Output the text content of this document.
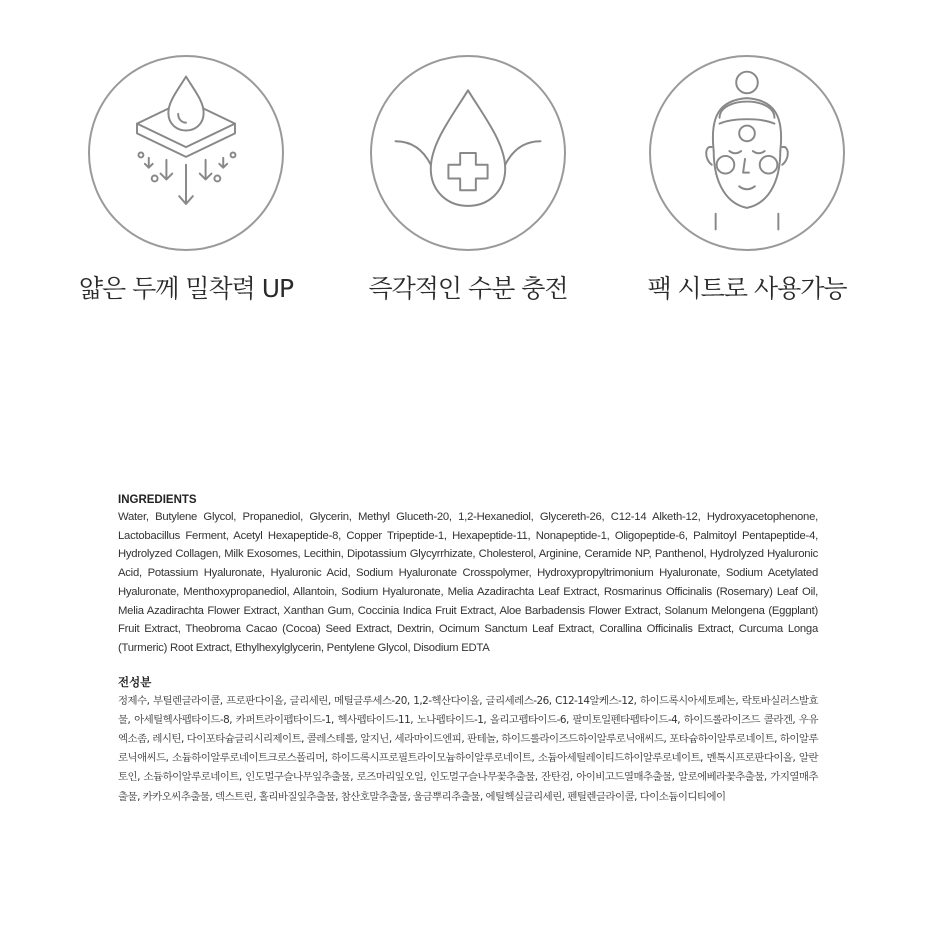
얇은 두께 밀착력 UP	즉각적인 수분 충전	팩 시트로 사용가능
INGREDIENTS

Water, Butylene Glycol, Propanediol, Glycerin, Methyl Gluceth-20, 1,2-Hexanediol, Glycereth-26, C12-14 Alketh-12, Hydroxyacetophenone, Lactobacillus Ferment, Acetyl Hexapeptide-8, Copper Tripeptide-1, Hexapeptide-11, Nonapeptide-1, Oligopeptide-6, Palmitoyl Pentapeptide-4, Hydrolyzed Collagen, Milk Exosomes, Lecithin, Dipotassium Glycyrrhizate, Cholesterol, Arginine, Ceramide NP, Panthenol, Hydrolyzed Hyaluronic Acid, Potassium Hyaluronate, Hyaluronic Acid, Sodium Hyaluronate Crosspolymer, Hydroxypropyltrimonium Hyaluronate, Sodium Acetylated Hyaluronate, Menthoxypropanediol, Allantoin, Sodium Hyaluronate, Melia Azadirachta Leaf Extract, Rosmarinus Officinalis (Rosemary) Leaf Oil, Melia Azadirachta Flower Extract, Xanthan Gum, Coccinia Indica Fruit Extract, Aloe Barbadensis Flower Extract, Solanum Melongena (Eggplant) Fruit Extract, Theobroma Cacao (Cocoa) Seed Extract, Dextrin, Ocimum Sanctum Leaf Extract, Corallina Officinalis Extract, Curcuma Longa (Turmeric) Root Extract, Ethylhexylglycerin, Pentylene Glycol, Disodium EDTA

전성분

정제수, 부틸렌글라이콜, 프로판다이올, 글리세린, 메틸글루세스-20, 1,2-헥산다이올, 글리세레스-26, C12-14알케스-12, 하이드록시아세토페논, 락토바실러스발효물, 아세틸헥사펩타이드-8, 카퍼트라이펩타이드-1, 헥사펩타이드-11, 노나펩타이드-1, 올리고펩타이드-6, 팔미토일펜타펩타이드-4, 하이드롤라이즈드 콜라겐, 우유엑소좀, 레시틴, 다이포타슘글리시리제이트, 콜레스테롤, 알지닌, 세라마이드엔피, 판테놀, 하이드롤라이즈드하이알루로닉애씨드, 포타슘하이알루로네이트, 하이알루로닉애씨드, 소듐하이알루로네이트크로스폴리머, 하이드록시프로필트라이모늄하이알루로네이트, 소듐아세틸레이티드하이알루로네이트, 멘톡시프로판다이올, 알란토인, 소듐하이알루로네이트, 인도멀구슬나무잎추출물, 로즈마리잎오일, 인도멀구슬나무꽃추출물, 잔탄검, 아이비고드열매추출물, 알로에베라꽃추출물, 가지열매추출물, 카카오씨추출물, 덱스트린, 홀리바질잎추출물, 참산호말추출물, 울금뿌리추출물, 에틸헥실글리세린, 펜틸렌글라이콜, 다이소듐이디티에이
